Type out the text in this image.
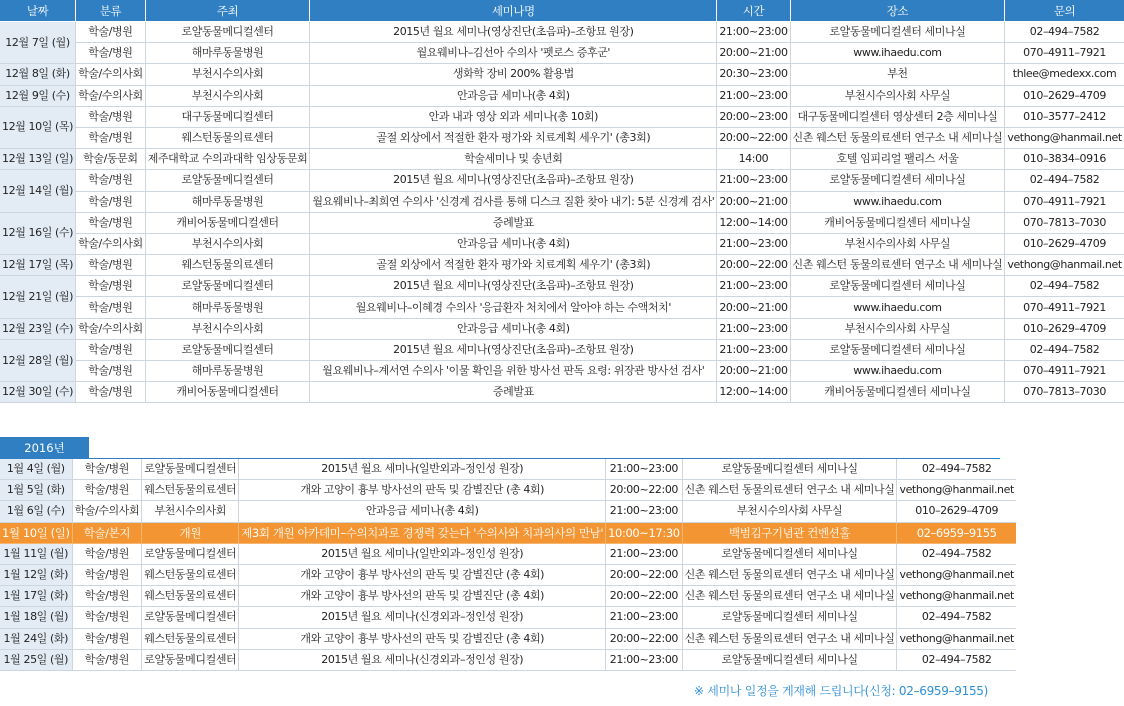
날짜	분류	주최	세미나명	시간	장소	문의
12월 7일 (월)	학술/병원	로얄동물메디컬센터	2015년 월요 세미나(영상진단(초음파)–조항묘 원장)	21:00~23:00	로얄동물메디컬센터 세미나실	02–494–7582
	학술/병원	해마루동물병원	월요웨비나–김선아 수의사 '펫로스 증후군'	20:00~21:00	www.ihaedu.com	070–4911–7921
12월 8일 (화)	학술/수의사회	부천시수의사회	생화학 장비 200% 활용법	20:30~23:00	부천	thlee@medexx.com
12월 9일 (수)	학술/수의사회	부천시수의사회	안과응급 세미나(총 4회)	21:00~23:00	부천시수의사회 사무실	010–2629–4709
12월 10일 (목)	학술/병원	대구동물메디컬센터	안과 내과 영상 외과 세미나(총 10회)	20:00~23:00	대구동물메디컬센터 영상센터 2층 세미나실	010–3577–2412
	학술/병원	웨스턴동물의료센터	골절 외상에서 적절한 환자 평가와 치료계획 세우기' (총3회)	20:00~22:00	신촌 웨스턴 동물의료센터 연구소 내 세미나실	vethong@hanmail.net
12월 13일 (일)	학술/동문회	제주대학교 수의과대학 임상동문회	학술세미나 및 송년회	14:00	호텔 임피리얼 팰리스 서울	010–3834–0916
12월 14일 (월)	학술/병원	로얄동물메디컬센터	2015년 월요 세미나(영상진단(초음파)–조항묘 원장)	21:00~23:00	로얄동물메디컬센터 세미나실	02–494–7582
	학술/병원	해마루동물병원	월요웨비나–최희연 수의사 '신경계 검사를 통해 디스크 질환 찾아 내기: 5분 신경계 검사'	20:00~21:00	www.ihaedu.com	070–4911–7921
12월 16일 (수)	학술/병원	캐비어동물메디컬센터	증례발표	12:00~14:00	캐비어동물메디컬센터 세미나실	070–7813–7030
	학술/수의사회	부천시수의사회	안과응급 세미나(총 4회)	21:00~23:00	부천시수의사회 사무실	010–2629–4709
12월 17일 (목)	학술/병원	웨스턴동물의료센터	골절 외상에서 적절한 환자 평가와 치료계획 세우기' (총3회)	20:00~22:00	신촌 웨스턴 동물의료센터 연구소 내 세미나실	vethong@hanmail.net
12월 21일 (월)	학술/병원	로얄동물메디컬센터	2015년 월요 세미나(영상진단(초음파)–조항묘 원장)	21:00~23:00	로얄동물메디컬센터 세미나실	02–494–7582
	학술/병원	해마루동물병원	월요웨비나–이혜경 수의사 '응급환자 처치에서 알아야 하는 수액처치'	20:00~21:00	www.ihaedu.com	070–4911–7921
12월 23일 (수)	학술/수의사회	부천시수의사회	안과응급 세미나(총 4회)	21:00~23:00	부천시수의사회 사무실	010–2629–4709
12월 28일 (월)	학술/병원	로얄동물메디컬센터	2015년 월요 세미나(영상진단(초음파)–조항묘 원장)	21:00~23:00	로얄동물메디컬센터 세미나실	02–494–7582
	학술/병원	해마루동물병원	월요웨비나–계서연 수의사 '이물 확인을 위한 방사선 판독 요령: 위장관 방사선 검사'	20:00~21:00	www.ihaedu.com	070–4911–7921
12월 30일 (수)	학술/병원	캐비어동물메디컬센터	증례발표	12:00~14:00	캐비어동물메디컬센터 세미나실	070–7813–7030
2016년
1월 4일 (월)	학술/병원	로얄동물메디컬센터	2015년 월요 세미나(일반외과–정인성 원장)	21:00~23:00	로얄동물메디컬센터 세미나실	02–494–7582
1월 5일 (화)	학술/병원	웨스턴동물의료센터	개와 고양이 흉부 방사선의 판독 및 감별진단 (총 4회)	20:00~22:00	신촌 웨스턴 동물의료센터 연구소 내 세미나실	vethong@hanmail.net
1월 6일 (수)	학술/수의사회	부천시수의사회	안과응급 세미나(총 4회)	21:00~23:00	부천시수의사회 사무실	010–2629–4709
1월 10일 (일)	학술/본지	개원	제3회 개원 아카데미–수의치과로 경쟁력 갖는다 '수의사와 치과의사의 만남'	10:00~17:30	백범김구기념관 컨벤션홀	02–6959–9155
1월 11일 (월)	학술/병원	로얄동물메디컬센터	2015년 월요 세미나(일반외과–정인성 원장)	21:00~23:00	로얄동물메디컬센터 세미나실	02–494–7582
1월 12일 (화)	학술/병원	웨스턴동물의료센터	개와 고양이 흉부 방사선의 판독 및 감별진단 (총 4회)	20:00~22:00	신촌 웨스턴 동물의료센터 연구소 내 세미나실	vethong@hanmail.net
1월 17일 (화)	학술/병원	웨스턴동물의료센터	개와 고양이 흉부 방사선의 판독 및 감별진단 (총 4회)	20:00~22:00	신촌 웨스턴 동물의료센터 연구소 내 세미나실	vethong@hanmail.net
1월 18일 (월)	학술/병원	로얄동물메디컬센터	2015년 월요 세미나(신경외과–정인성 원장)	21:00~23:00	로얄동물메디컬센터 세미나실	02–494–7582
1월 24일 (화)	학술/병원	웨스턴동물의료센터	개와 고양이 흉부 방사선의 판독 및 감별진단 (총 4회)	20:00~22:00	신촌 웨스턴 동물의료센터 연구소 내 세미나실	vethong@hanmail.net
1월 25일 (월)	학술/병원	로얄동물메디컬센터	2015년 월요 세미나(신경외과–정인성 원장)	21:00~23:00	로얄동물메디컬센터 세미나실	02–494–7582
※ 세미나 일정을 게재해 드립니다(신청: 02–6959–9155)
